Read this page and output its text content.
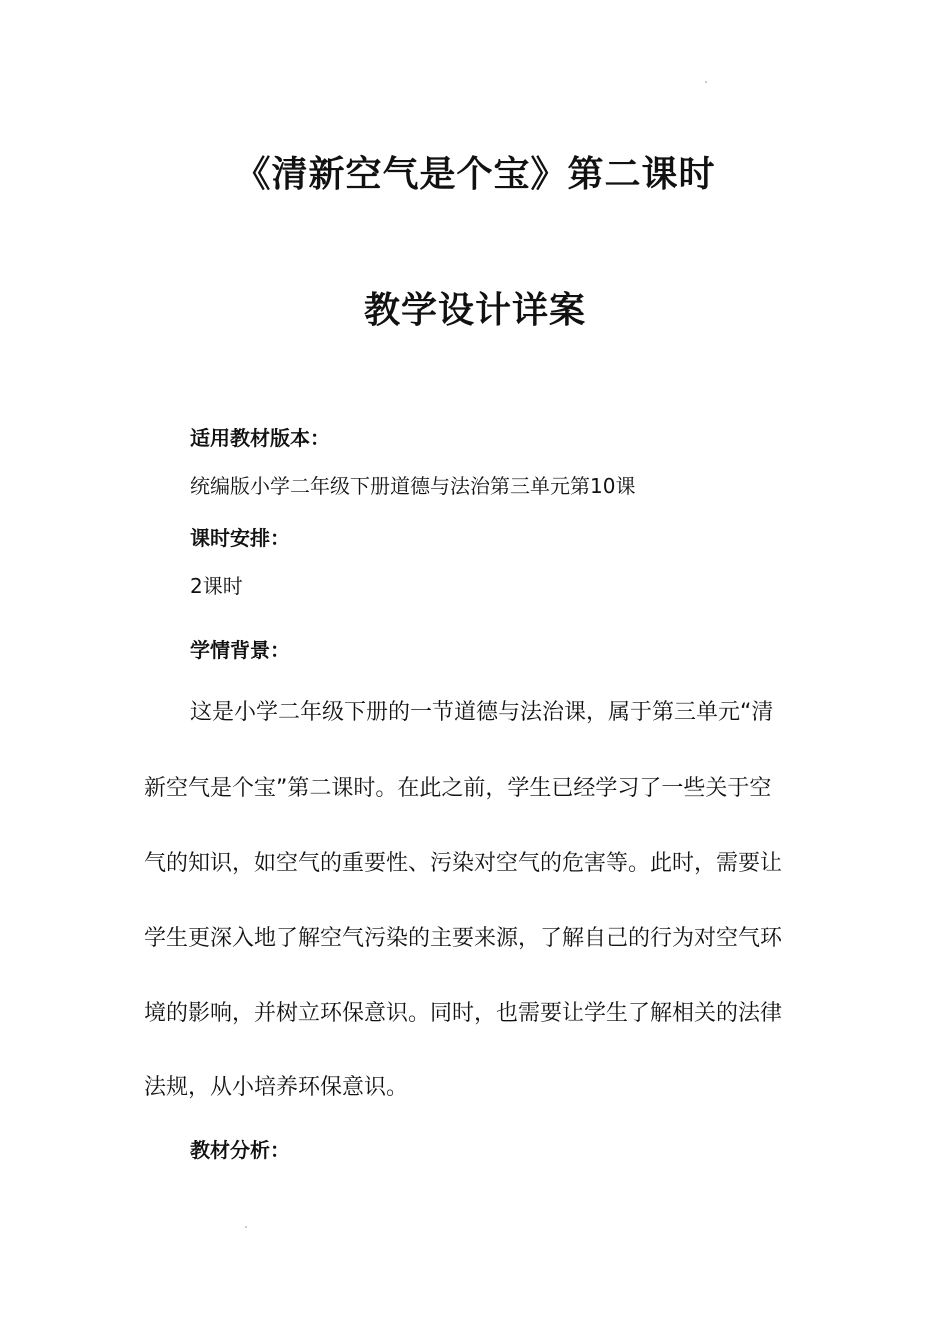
《清新空气是个宝》第二课时
教学设计详案
适用教材版本：

统编版小学二年级下册道德与法治第三单元第10课

课时安排：

2课时

学情背景：

这是小学二年级下册的一节道德与法治课，属于第三单元“清

新空气是个宝”第二课时。在此之前，学生已经学习了一些关于空

气的知识，如空气的重要性、污染对空气的危害等。此时，需要让

学生更深入地了解空气污染的主要来源，了解自己的行为对空气环

境的影响，并树立环保意识。同时，也需要让学生了解相关的法律

法规，从小培养环保意识。

教材分析：
